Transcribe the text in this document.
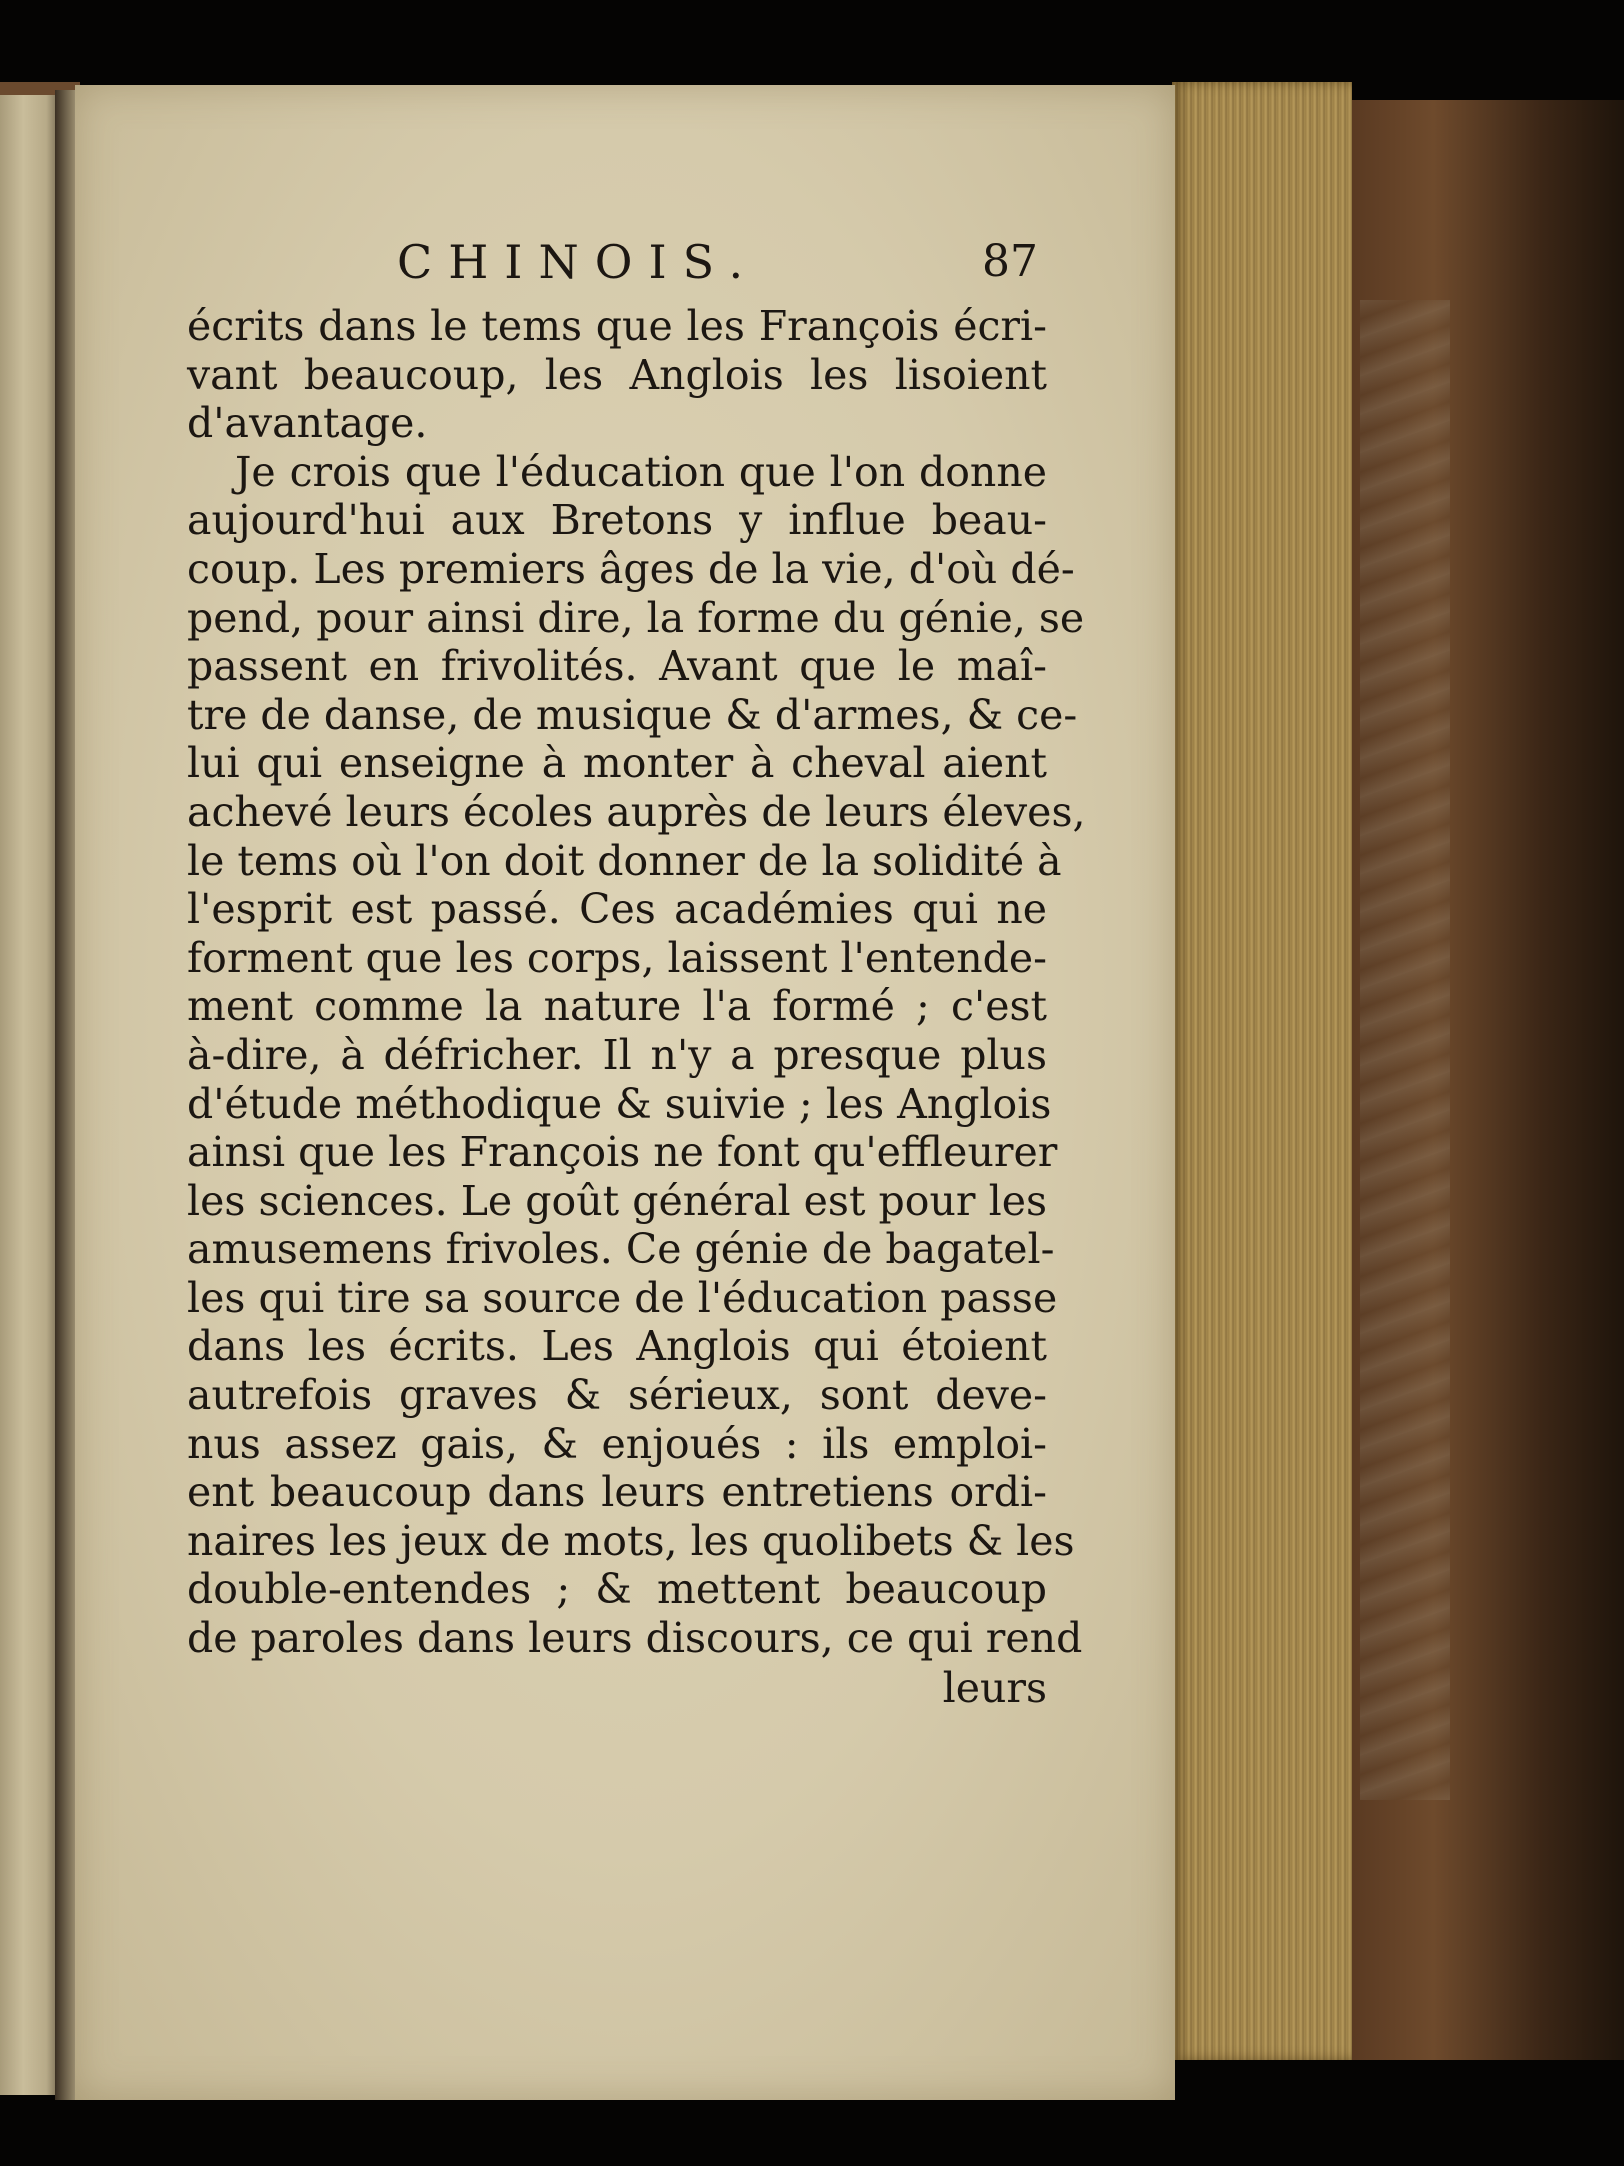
CHINOIS.	87
écrits dans le tems que les François écri-
vant beaucoup, les Anglois les lisoient
d'avantage.
Je crois que l'éducation que l'on donne
aujourd'hui aux Bretons y influe beau-
coup. Les premiers âges de la vie, d'où dé-
pend, pour ainsi dire, la forme du génie, se
passent en frivolités. Avant que le maî-
tre de danse, de musique & d'armes, & ce-
lui qui enseigne à monter à cheval aient
achevé leurs écoles auprès de leurs éleves,
le tems où l'on doit donner de la solidité à
l'esprit est passé. Ces académies qui ne
forment que les corps, laissent l'entende-
ment comme la nature l'a formé ; c'est
à-dire, à défricher. Il n'y a presque plus
d'étude méthodique & suivie ; les Anglois
ainsi que les François ne font qu'effleurer
les sciences. Le goût général est pour les
amusemens frivoles. Ce génie de bagatel-
les qui tire sa source de l'éducation passe
dans les écrits. Les Anglois qui étoient
autrefois graves & sérieux, sont deve-
nus assez gais, & enjoués : ils emploi-
ent beaucoup dans leurs entretiens ordi-
naires les jeux de mots, les quolibets & les
double-entendes ; & mettent beaucoup
de paroles dans leurs discours, ce qui rend
leurs
